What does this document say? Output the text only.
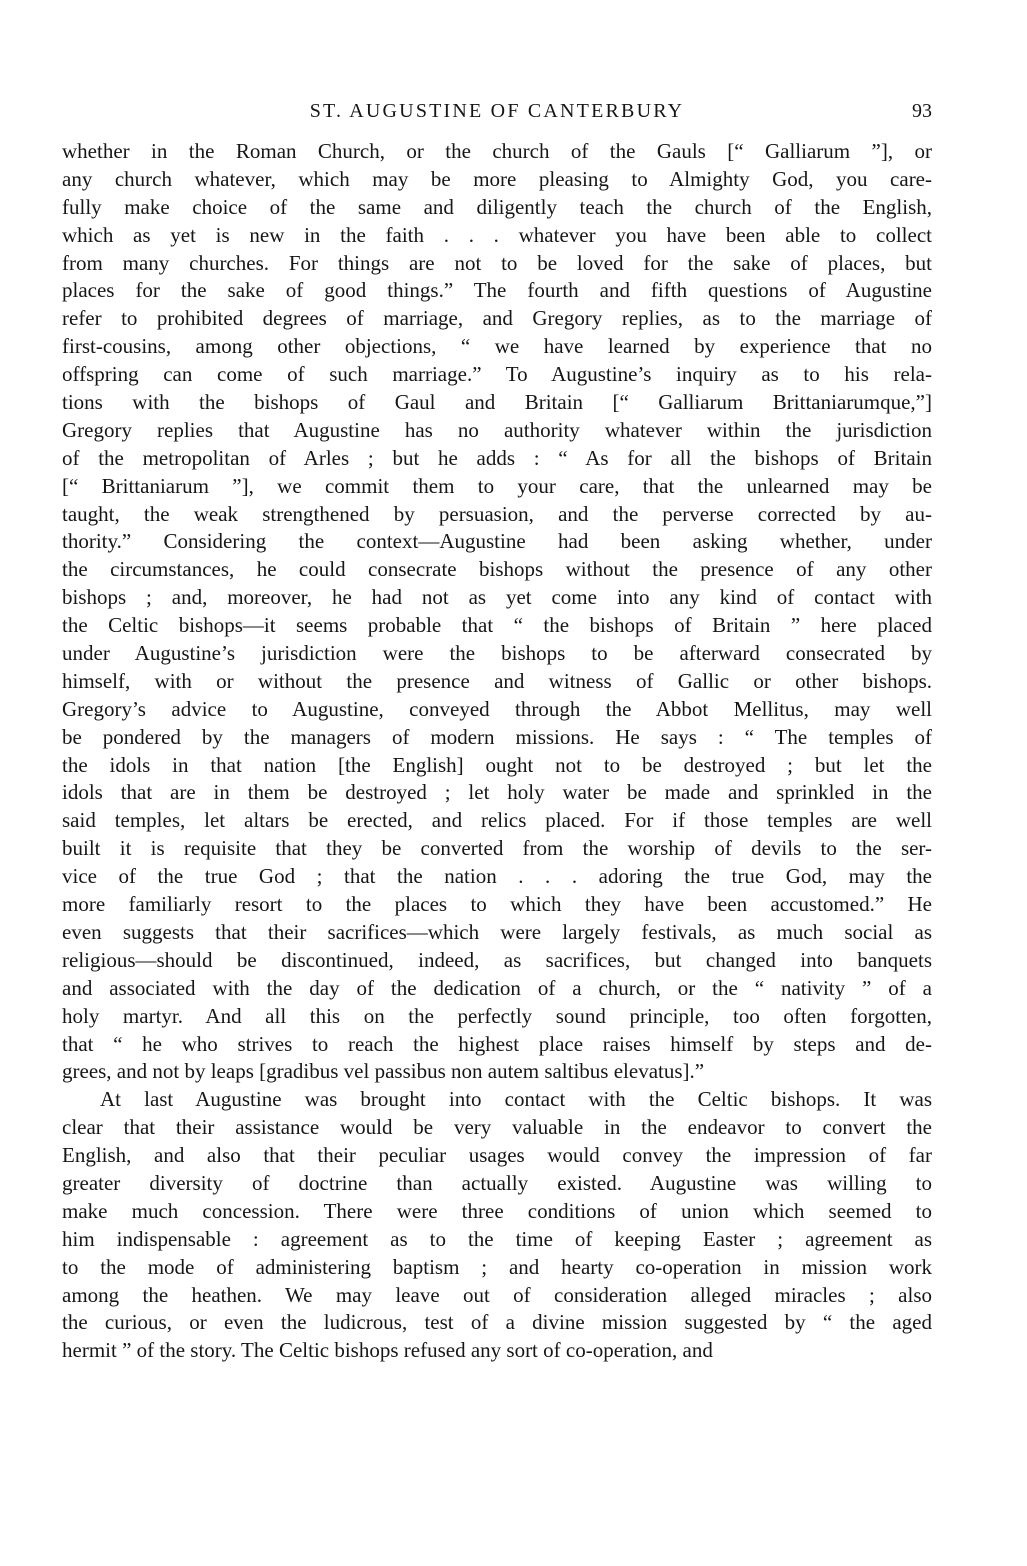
ST. AUGUSTINE OF CANTERBURY	93
whether in the Roman Church, or the church of the Gauls [“ Galliarum ”], or
any church whatever, which may be more pleasing to Almighty God, you care-
fully make choice of the same and diligently teach the church of the English,
which as yet is new in the faith . . . whatever you have been able to collect
from many churches. For things are not to be loved for the sake of places, but
places for the sake of good things.” The fourth and fifth questions of Augustine
refer to prohibited degrees of marriage, and Gregory replies, as to the marriage of
first-cousins, among other objections, “ we have learned by experience that no
offspring can come of such marriage.” To Augustine’s inquiry as to his rela-
tions with the bishops of Gaul and Britain [“ Galliarum Brittaniarumque,”]
Gregory replies that Augustine has no authority whatever within the jurisdiction
of the metropolitan of Arles ; but he adds : “ As for all the bishops of Britain
[“ Brittaniarum ”], we commit them to your care, that the unlearned may be
taught, the weak strengthened by persuasion, and the perverse corrected by au-
thority.” Considering the context—Augustine had been asking whether, under
the circumstances, he could consecrate bishops without the presence of any other
bishops ; and, moreover, he had not as yet come into any kind of contact with
the Celtic bishops—it seems probable that “ the bishops of Britain ” here placed
under Augustine’s jurisdiction were the bishops to be afterward consecrated by
himself, with or without the presence and witness of Gallic or other bishops.
Gregory’s advice to Augustine, conveyed through the Abbot Mellitus, may well
be pondered by the managers of modern missions. He says : “ The temples of
the idols in that nation [the English] ought not to be destroyed ; but let the
idols that are in them be destroyed ; let holy water be made and sprinkled in the
said temples, let altars be erected, and relics placed. For if those temples are well
built it is requisite that they be converted from the worship of devils to the ser-
vice of the true God ; that the nation . . . adoring the true God, may the
more familiarly resort to the places to which they have been accustomed.” He
even suggests that their sacrifices—which were largely festivals, as much social as
religious—should be discontinued, indeed, as sacrifices, but changed into banquets
and associated with the day of the dedication of a church, or the “ nativity ” of a
holy martyr. And all this on the perfectly sound principle, too often forgotten,
that “ he who strives to reach the highest place raises himself by steps and de-
grees, and not by leaps [gradibus vel passibus non autem saltibus elevatus].”
At last Augustine was brought into contact with the Celtic bishops. It was
clear that their assistance would be very valuable in the endeavor to convert the
English, and also that their peculiar usages would convey the impression of far
greater diversity of doctrine than actually existed. Augustine was willing to
make much concession. There were three conditions of union which seemed to
him indispensable : agreement as to the time of keeping Easter ; agreement as
to the mode of administering baptism ; and hearty co-operation in mission work
among the heathen. We may leave out of consideration alleged miracles ; also
the curious, or even the ludicrous, test of a divine mission suggested by “ the aged
hermit ” of the story. The Celtic bishops refused any sort of co-operation, and
